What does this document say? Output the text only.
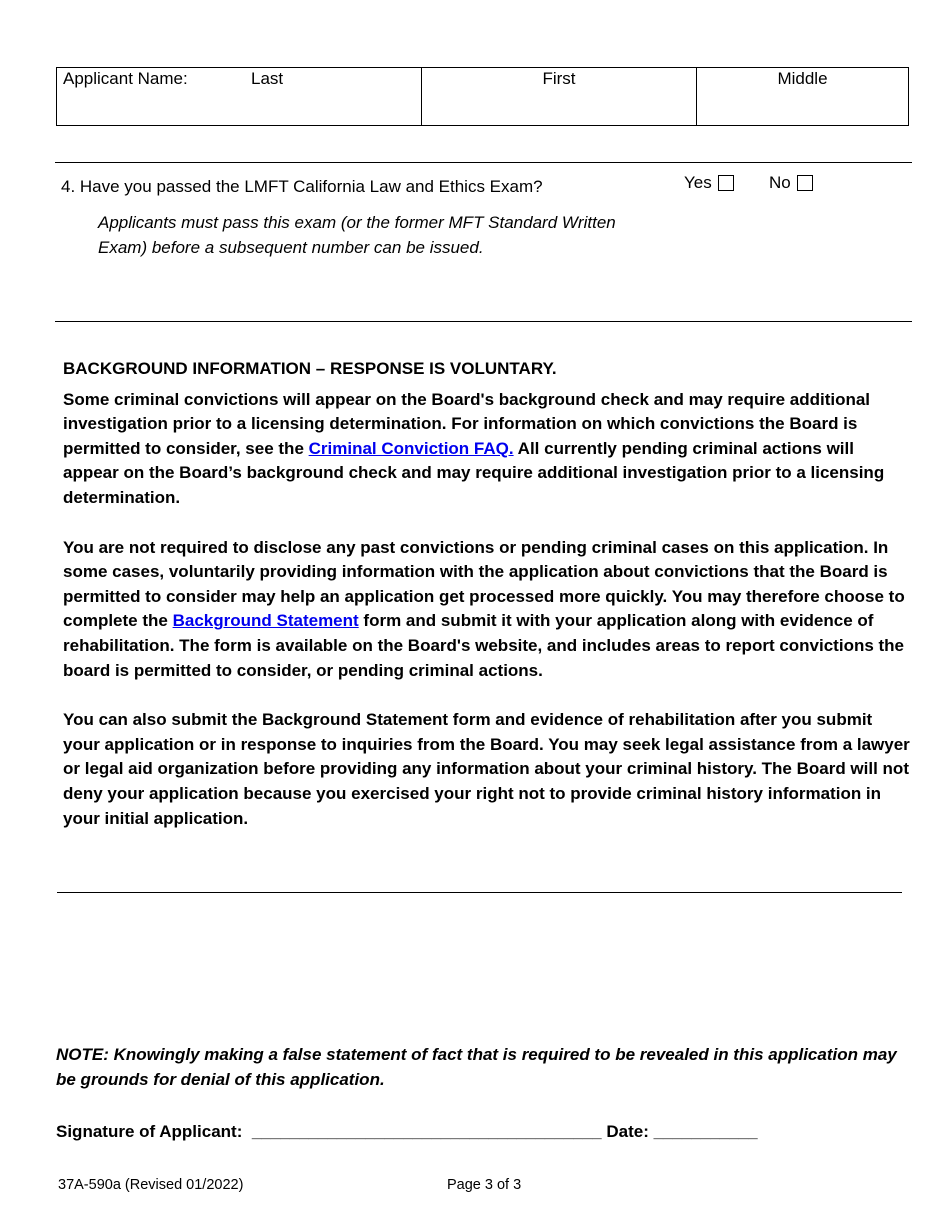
Applicant Name:	Last	First	Middle
4. Have you passed the LMFT California Law and Ethics Exam?
Applicants must pass this exam (or the former MFT Standard Written Exam) before a subsequent number can be issued.
Yes	No

BACKGROUND INFORMATION – RESPONSE IS VOLUNTARY.

Some criminal convictions will appear on the Board's background check and may require additional investigation prior to a licensing determination. For information on which convictions the Board is permitted to consider, see the Criminal Conviction FAQ. All currently pending criminal actions will appear on the Board’s background check and may require additional investigation prior to a licensing determination.

You are not required to disclose any past convictions or pending criminal cases on this application. In some cases, voluntarily providing information with the application about convictions that the Board is permitted to consider may help an application get processed more quickly. You may therefore choose to complete the Background Statement form and submit it with your application along with evidence of rehabilitation. The form is available on the Board's website, and includes areas to report convictions the board is permitted to consider, or pending criminal actions.

You can also submit the Background Statement form and evidence of rehabilitation after you submit your application or in response to inquiries from the Board. You may seek legal assistance from a lawyer or legal aid organization before providing any information about your criminal history. The Board will not deny your application because you exercised your right not to provide criminal history information in your initial application.

NOTE: Knowingly making a false statement of fact that is required to be revealed in this application may be grounds for denial of this application.
Signature of Applicant:  _____________________________________ Date: ___________
37A-590a (Revised 01/2022)	Page 3 of 3
